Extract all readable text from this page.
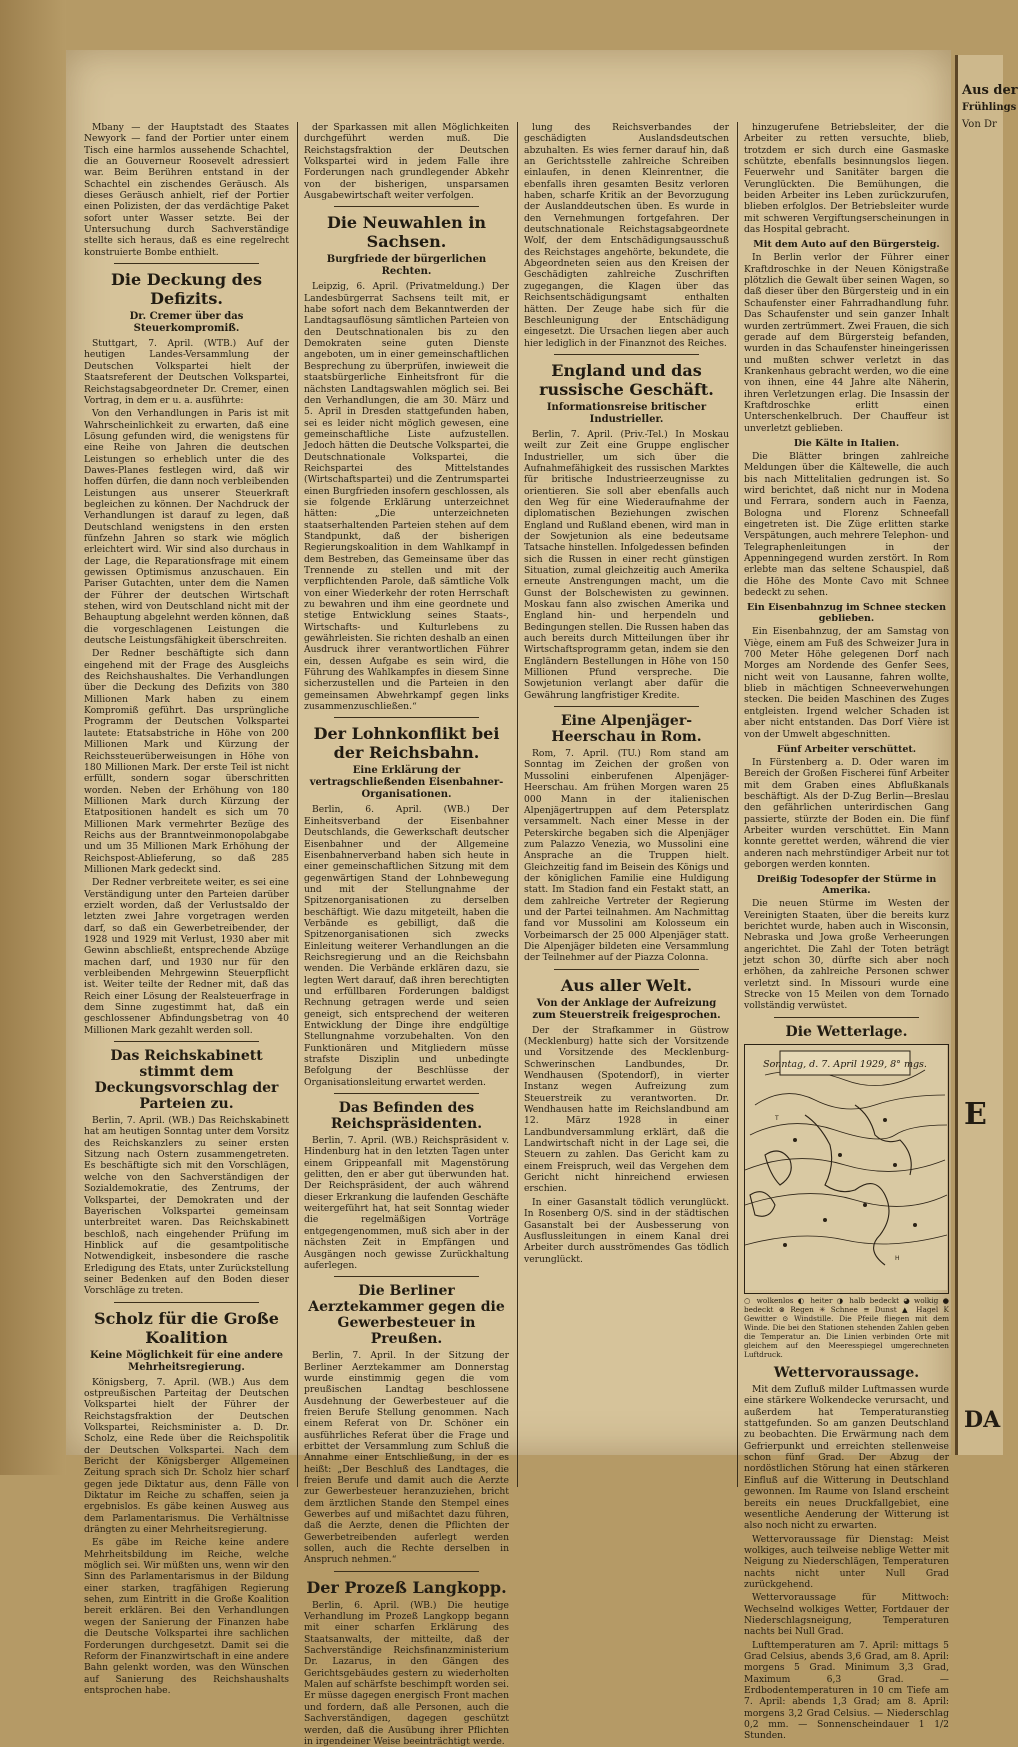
Mbany — der Hauptstadt des Staates Newyork — fand der Portier unter einem Tisch eine harmlos aussehende Schachtel, die an Gouverneur Roosevelt adressiert war. Beim Berühren entstand in der Schachtel ein zischendes Geräusch. Als dieses Geräusch anhielt, rief der Portier einen Polizisten, der das verdächtige Paket sofort unter Wasser setzte. Bei der Untersuchung durch Sachverständige stellte sich heraus, daß es eine regelrecht konstruierte Bombe enthielt.

Die Deckung des Defizits.
Dr. Cremer über das Steuerkompromiß.

Stuttgart, 7. April. (WTB.) Auf der heutigen Landes-Versammlung der Deutschen Volkspartei hielt der Staatsreferent der Deutschen Volkspartei, Reichstagsabgeordneter Dr. Cremer, einen Vortrag, in dem er u. a. ausführte:

Von den Verhandlungen in Paris ist mit Wahrscheinlichkeit zu erwarten, daß eine Lösung gefunden wird, die wenigstens für eine Reihe von Jahren die deutschen Leistungen so erheblich unter die des Dawes-Planes festlegen wird, daß wir hoffen dürfen, die dann noch verbleibenden Leistungen aus unserer Steuerkraft begleichen zu können. Der Nachdruck der Verhandlungen ist darauf zu legen, daß Deutschland wenigstens in den ersten fünfzehn Jahren so stark wie möglich erleichtert wird. Wir sind also durchaus in der Lage, die Reparationsfrage mit einem gewissen Optimismus anzuschauen. Ein Pariser Gutachten, unter dem die Namen der Führer der deutschen Wirtschaft stehen, wird von Deutschland nicht mit der Behauptung abgelehnt werden können, daß die vorgeschlagenen Leistungen die deutsche Leistungsfähigkeit überschreiten.

Der Redner beschäftigte sich dann eingehend mit der Frage des Ausgleichs des Reichshaushaltes. Die Verhandlungen über die Deckung des Defizits von 380 Millionen Mark haben zu einem Kompromiß geführt. Das ursprüngliche Programm der Deutschen Volkspartei lautete: Etatsabstriche in Höhe von 200 Millionen Mark und Kürzung der Reichssteuerüberweisungen in Höhe von 180 Millionen Mark. Der erste Teil ist nicht erfüllt, sondern sogar überschritten worden. Neben der Erhöhung von 180 Millionen Mark durch Kürzung der Etatpositionen handelt es sich um 70 Millionen Mark vermehrter Bezüge des Reichs aus der Branntweinmonopolabgabe und um 35 Millionen Mark Erhöhung der Reichspost-Ablieferung, so daß 285 Millionen Mark gedeckt sind.

Der Redner verbreitete weiter, es sei eine Verständigung unter den Parteien darüber erzielt worden, daß der Verlustsaldo der letzten zwei Jahre vorgetragen werden darf, so daß ein Gewerbetreibender, der 1928 und 1929 mit Verlust, 1930 aber mit Gewinn abschließt, entsprechende Abzüge machen darf, und 1930 nur für den verbleibenden Mehrgewinn Steuerpflicht ist. Weiter teilte der Redner mit, daß das Reich einer Lösung der Realsteuerfrage in dem Sinne zugestimmt hat, daß ein geschlossener Abfindungsbetrag von 40 Millionen Mark gezahlt werden soll.

Das Reichskabinett stimmt dem Deckungsvorschlag der Parteien zu.

Berlin, 7. April. (WB.) Das Reichskabinett hat am heutigen Sonntag unter dem Vorsitz des Reichskanzlers zu seiner ersten Sitzung nach Ostern zusammengetreten. Es beschäftigte sich mit den Vorschlägen, welche von den Sachverständigen der Sozialdemokratie, des Zentrums, der Volkspartei, der Demokraten und der Bayerischen Volkspartei gemeinsam unterbreitet waren. Das Reichskabinett beschloß, nach eingehender Prüfung im Hinblick auf die gesamtpolitische Notwendigkeit, insbesondere die rasche Erledigung des Etats, unter Zurückstellung seiner Bedenken auf den Boden dieser Vorschläge zu treten.

Scholz für die Große Koalition
Keine Möglichkeit für eine andere Mehrheitsregierung.

Königsberg, 7. April. (WB.) Aus dem ostpreußischen Parteitag der Deutschen Volkspartei hielt der Führer der Reichstagsfraktion der Deutschen Volkspartei, Reichsminister a. D. Dr. Scholz, eine Rede über die Reichspolitik der Deutschen Volkspartei. Nach dem Bericht der Königsberger Allgemeinen Zeitung sprach sich Dr. Scholz hier scharf gegen jede Diktatur aus, denn Fälle von Diktatur im Reiche zu schaffen, seien ja ergebnislos. Es gäbe keinen Ausweg aus dem Parlamentarismus. Die Verhältnisse drängten zu einer Mehrheitsregierung.

Es gäbe im Reiche keine andere Mehrheitsbildung im Reiche, welche möglich sei. Wir müßten uns, wenn wir den Sinn des Parlamentarismus in der Bildung einer starken, tragfähigen Regierung sehen, zum Eintritt in die Große Koalition bereit erklären. Bei den Verhandlungen wegen der Sanierung der Finanzen habe die Deutsche Volkspartei ihre sachlichen Forderungen durchgesetzt. Damit sei die Reform der Finanzwirtschaft in eine andere Bahn gelenkt worden, was den Wünschen auf Sanierung des Reichshaushalts entsprochen habe.

der Sparkassen mit allen Möglichkeiten durchgeführt werden muß. Die Reichstagsfraktion der Deutschen Volkspartei wird in jedem Falle ihre Forderungen nach grundlegender Abkehr von der bisherigen, unsparsamen Ausgabewirtschaft weiter verfolgen.

Die Neuwahlen in Sachsen.
Burgfriede der bürgerlichen Rechten.

Leipzig, 6. April. (Privatmeldung.) Der Landesbürgerrat Sachsens teilt mit, er habe sofort nach dem Bekanntwerden der Landtagsauflösung sämtlichen Parteien von den Deutschnationalen bis zu den Demokraten seine guten Dienste angeboten, um in einer gemeinschaftlichen Besprechung zu überprüfen, inwieweit die staatsbürgerliche Einheitsfront für die nächsten Landtagswahlen möglich sei. Bei den Verhandlungen, die am 30. März und 5. April in Dresden stattgefunden haben, sei es leider nicht möglich gewesen, eine gemeinschaftliche Liste aufzustellen. Jedoch hätten die Deutsche Volkspartei, die Deutschnationale Volkspartei, die Reichspartei des Mittelstandes (Wirtschaftspartei) und die Zentrumspartei einen Burgfrieden insofern geschlossen, als sie folgende Erklärung unterzeichnet hätten: „Die unterzeichneten staatserhaltenden Parteien stehen auf dem Standpunkt, daß der bisherigen Regierungskoalition in dem Wahlkampf in dem Bestreben, das Gemeinsame über das Trennende zu stellen und mit der verpflichtenden Parole, daß sämtliche Volk von einer Wiederkehr der roten Herrschaft zu bewahren und ihm eine geordnete und stetige Entwicklung seines Staats-, Wirtschafts- und Kulturlebens zu gewährleisten. Sie richten deshalb an einen Ausdruck ihrer verantwortlichen Führer ein, dessen Aufgabe es sein wird, die Führung des Wahlkampfes in diesem Sinne sicherzustellen und die Parteien in den gemeinsamen Abwehrkampf gegen links zusammenzuschließen.“

Der Lohnkonflikt bei der Reichsbahn.
Eine Erklärung der vertragschließenden Eisenbahner-Organisationen.

Berlin, 6. April. (WB.) Der Einheitsverband der Eisenbahner Deutschlands, die Gewerkschaft deutscher Eisenbahner und der Allgemeine Eisenbahnerverband haben sich heute in einer gemeinschaftlichen Sitzung mit dem gegenwärtigen Stand der Lohnbewegung und mit der Stellungnahme der Spitzenorganisationen zu derselben beschäftigt. Wie dazu mitgeteilt, haben die Verbände es gebilligt, daß die Spitzenorganisationen sich zwecks Einleitung weiterer Verhandlungen an die Reichsregierung und an die Reichsbahn wenden. Die Verbände erklären dazu, sie legten Wert darauf, daß ihren berechtigten und erfüllbaren Forderungen baldigst Rechnung getragen werde und seien geneigt, sich entsprechend der weiteren Entwicklung der Dinge ihre endgültige Stellungnahme vorzubehalten. Von den Funktionären und Mitgliedern müsse strafste Disziplin und unbedingte Befolgung der Beschlüsse der Organisationsleitung erwartet werden.

Das Befinden des Reichspräsidenten.

Berlin, 7. April. (WB.) Reichspräsident v. Hindenburg hat in den letzten Tagen unter einem Grippeanfall mit Magenstörung gelitten, den er aber gut überwunden hat. Der Reichspräsident, der auch während dieser Erkrankung die laufenden Geschäfte weitergeführt hat, hat seit Sonntag wieder die regelmäßigen Vorträge entgegengenommen, muß sich aber in der nächsten Zeit in Empfängen und Ausgängen noch gewisse Zurückhaltung auferlegen.

Die Berliner Aerztekammer gegen die Gewerbesteuer in Preußen.

Berlin, 7. April. In der Sitzung der Berliner Aerztekammer am Donnerstag wurde einstimmig gegen die vom preußischen Landtag beschlossene Ausdehnung der Gewerbesteuer auf die freien Berufe Stellung genommen. Nach einem Referat von Dr. Schöner ein ausführliches Referat über die Frage und erbittet der Versammlung zum Schluß die Annahme einer Entschließung, in der es heißt: „Der Beschluß des Landtages, die freien Berufe und damit auch die Aerzte zur Gewerbesteuer heranzuziehen, bricht dem ärztlichen Stande den Stempel eines Gewerbes auf und mißachtet dazu führen, daß die Aerzte, denen die Pflichten der Gewerbetreibenden auferlegt werden sollen, auch die Rechte derselben in Anspruch nehmen.“

Der Prozeß Langkopp.

Berlin, 6. April. (WB.) Die heutige Verhandlung im Prozeß Langkopp begann mit einer scharfen Erklärung des Staatsanwalts, der mitteilte, daß der Sachverständige Reichsfinanzministerium Dr. Lazarus, in den Gängen des Gerichtsgebäudes gestern zu wiederholten Malen auf schärfste beschimpft worden sei. Er müsse dagegen energisch Front machen und fordern, daß alle Personen, auch die Sachverständigen, dagegen geschützt werden, daß die Ausübung ihrer Pflichten in irgendeiner Weise beeinträchtigt werde.

lung des Reichsverbandes der geschädigten Auslandsdeutschen abzuhalten. Es wies ferner darauf hin, daß an Gerichtsstelle zahlreiche Schreiben einlaufen, in denen Kleinrentner, die ebenfalls ihren gesamten Besitz verloren haben, scharfe Kritik an der Bevorzugung der Auslanddeutschen üben. Es wurde in den Vernehmungen fortgefahren. Der deutschnationale Reichstagsabgeordnete Wolf, der dem Entschädigungsausschuß des Reichstages angehörte, bekundete, die Abgeordneten seien aus den Kreisen der Geschädigten zahlreiche Zuschriften zugegangen, die Klagen über das Reichsentschädigungsamt enthalten hätten. Der Zeuge habe sich für die Beschleunigung der Entschädigung eingesetzt. Die Ursachen liegen aber auch hier lediglich in der Finanznot des Reiches.

England und das russische Geschäft.
Informationsreise britischer Industrieller.

Berlin, 7. April. (Priv.-Tel.) In Moskau weilt zur Zeit eine Gruppe englischer Industrieller, um sich über die Aufnahmefähigkeit des russischen Marktes für britische Industrieerzeugnisse zu orientieren. Sie soll aber ebenfalls auch den Weg für eine Wiederaufnahme der diplomatischen Beziehungen zwischen England und Rußland ebenen, wird man in der Sowjetunion als eine bedeutsame Tatsache hinstellen. Infolgedessen befinden sich die Russen in einer recht günstigen Situation, zumal gleichzeitig auch Amerika erneute Anstrengungen macht, um die Gunst der Bolschewisten zu gewinnen. Moskau fann also zwischen Amerika und England hin- und herpendeln und Bedingungen stellen. Die Russen haben das auch bereits durch Mitteilungen über ihr Wirtschaftsprogramm getan, indem sie den Engländern Bestellungen in Höhe von 150 Millionen Pfund verspreche. Die Sowjetunion verlangt aber dafür die Gewährung langfristiger Kredite.

Eine Alpenjäger-Heerschau in Rom.

Rom, 7. April. (TU.) Rom stand am Sonntag im Zeichen der großen von Mussolini einberufenen Alpenjäger-Heerschau. Am frühen Morgen waren 25 000 Mann in der italienischen Alpenjägertruppen auf dem Petersplatz versammelt. Nach einer Messe in der Peterskirche begaben sich die Alpenjäger zum Palazzo Venezia, wo Mussolini eine Ansprache an die Truppen hielt. Gleichzeitig fand im Beisein des Königs und der königlichen Familie eine Huldigung statt. Im Stadion fand ein Festakt statt, an dem zahlreiche Vertreter der Regierung und der Partei teilnahmen. Am Nachmittag fand vor Mussolini am Kolosseum ein Vorbeimarsch der 25 000 Alpenjäger statt. Die Alpenjäger bildeten eine Versammlung der Teilnehmer auf der Piazza Colonna.

Aus aller Welt.
Von der Anklage der Aufreizung zum Steuerstreik freigesprochen.

Der der Strafkammer in Güstrow (Mecklenburg) hatte sich der Vorsitzende und Vorsitzende des Mecklenburg-Schwerinschen Landbundes, Dr. Wendhausen (Spotendorf), in vierter Instanz wegen Aufreizung zum Steuerstreik zu verantworten. Dr. Wendhausen hatte im Reichslandbund am 12. März 1928 in einer Landbundversammlung erklärt, daß die Landwirtschaft nicht in der Lage sei, die Steuern zu zahlen. Das Gericht kam zu einem Freispruch, weil das Vergehen dem Gericht nicht hinreichend erwiesen erschien.

In einer Gasanstalt tödlich verunglückt. In Rosenberg O/S. sind in der städtischen Gasanstalt bei der Ausbesserung von Ausflussleitungen in einem Kanal drei Arbeiter durch ausströmendes Gas tödlich verunglückt.

hinzugerufene Betriebsleiter, der die Arbeiter zu retten versuchte, blieb, trotzdem er sich durch eine Gasmaske schützte, ebenfalls besinnungslos liegen. Feuerwehr und Sanitäter bargen die Verunglückten. Die Bemühungen, die beiden Arbeiter ins Leben zurückzurufen, blieben erfolglos. Der Betriebsleiter wurde mit schweren Vergiftungserscheinungen in das Hospital gebracht.

Mit dem Auto auf den Bürgersteig.

In Berlin verlor der Führer einer Kraftdroschke in der Neuen Königstraße plötzlich die Gewalt über seinen Wagen, so daß dieser über den Bürgersteig und in ein Schaufenster einer Fahrradhandlung fuhr. Das Schaufenster und sein ganzer Inhalt wurden zertrümmert. Zwei Frauen, die sich gerade auf dem Bürgersteig befanden, wurden in das Schaufenster hineingerissen und mußten schwer verletzt in das Krankenhaus gebracht werden, wo die eine von ihnen, eine 44 Jahre alte Näherin, ihren Verletzungen erlag. Die Insassin der Kraftdroschke erlitt einen Unterschenkelbruch. Der Chauffeur ist unverletzt geblieben.

Die Kälte in Italien.

Die Blätter bringen zahlreiche Meldungen über die Kältewelle, die auch bis nach Mittelitalien gedrungen ist. So wird berichtet, daß nicht nur in Modena und Ferrara, sondern auch in Faenza, Bologna und Florenz Schneefall eingetreten ist. Die Züge erlitten starke Verspätungen, auch mehrere Telephon- und Telegraphenleitungen in der Appenningegend wurden zerstört. In Rom erlebte man das seltene Schauspiel, daß die Höhe des Monte Cavo mit Schnee bedeckt zu sehen.

Ein Eisenbahnzug im Schnee stecken geblieben.

Ein Eisenbahnzug, der am Samstag von Viège, einem am Fuß des Schweizer Jura in 700 Meter Höhe gelegenen Dorf nach Morges am Nordende des Genfer Sees, nicht weit von Lausanne, fahren wollte, blieb in mächtigen Schneeverwehungen stecken. Die beiden Maschinen des Zuges entgleisten. Irgend welcher Schaden ist aber nicht entstanden. Das Dorf Vière ist von der Umwelt abgeschnitten.

Fünf Arbeiter verschüttet.

In Fürstenberg a. D. Oder waren im Bereich der Großen Fischerei fünf Arbeiter mit dem Graben eines Abflußkanals beschäftigt. Als der D-Zug Berlin—Breslau den gefährlichen unterirdischen Gang passierte, stürzte der Boden ein. Die fünf Arbeiter wurden verschüttet. Ein Mann konnte gerettet werden, während die vier anderen nach mehrstündiger Arbeit nur tot geborgen werden konnten.

Dreißig Todesopfer der Stürme in Amerika.

Die neuen Stürme im Westen der Vereinigten Staaten, über die bereits kurz berichtet wurde, haben auch in Wisconsin, Nebraska und Jowa große Verheerungen angerichtet. Die Zahl der Toten beträgt jetzt schon 30, dürfte sich aber noch erhöhen, da zahlreiche Personen schwer verletzt sind. In Missouri wurde eine Strecke von 15 Meilen von dem Tornado vollständig verwüstet.

Die Wetterlage.
H
T
Sonntag, d. 7. April 1929, 8° mgs.
○ wolkenlos ◐ heiter ◑ halb bedeckt ◕ wolkig ● bedeckt ⊗ Regen ✳ Schnee ≡ Dunst ▲ Hagel K Gewitter ⊙ Windstille. Die Pfeile fliegen mit dem Winde. Die bei den Stationen stehenden Zahlen geben die Temperatur an. Die Linien verbinden Orte mit gleichem auf den Meeresspiegel umgerechneten Luftdruck.
Wettervoraussage.

Mit dem Zufluß milder Luftmassen wurde eine stärkere Wolkendecke verursacht, und außerdem hat Temperaturanstieg stattgefunden. So am ganzen Deutschland zu beobachten. Die Erwärmung nach dem Gefrierpunkt und erreichten stellenweise schon fünf Grad. Der Abzug der nordöstlichen Störung hat einen stärkeren Einfluß auf die Witterung in Deutschland gewonnen. Im Raume von Island erscheint bereits ein neues Druckfallgebiet, eine wesentliche Aenderung der Witterung ist also noch nicht zu erwarten.

Wettervoraussage für Dienstag: Meist wolkiges, auch teilweise neblige Wetter mit Neigung zu Niederschlägen, Temperaturen nachts nicht unter Null Grad zurückgehend.

Wettervoraussage für Mittwoch: Wechselnd wolkiges Wetter, Fortdauer der Niederschlagsneigung, Temperaturen nachts bei Null Grad.

Lufttemperaturen am 7. April: mittags 5 Grad Celsius, abends 3,6 Grad, am 8. April: morgens 5 Grad. Minimum 3,3 Grad, Maximum 6,3 Grad. — Erdbodentemperaturen in 10 cm Tiefe am 7. April: abends 1,3 Grad; am 8. April: morgens 3,2 Grad Celsius. — Niederschlag 0,2 mm. — Sonnenscheindauer 1 1/2 Stunden.

Aus der
Frühlings
Von Dr
E
DA
